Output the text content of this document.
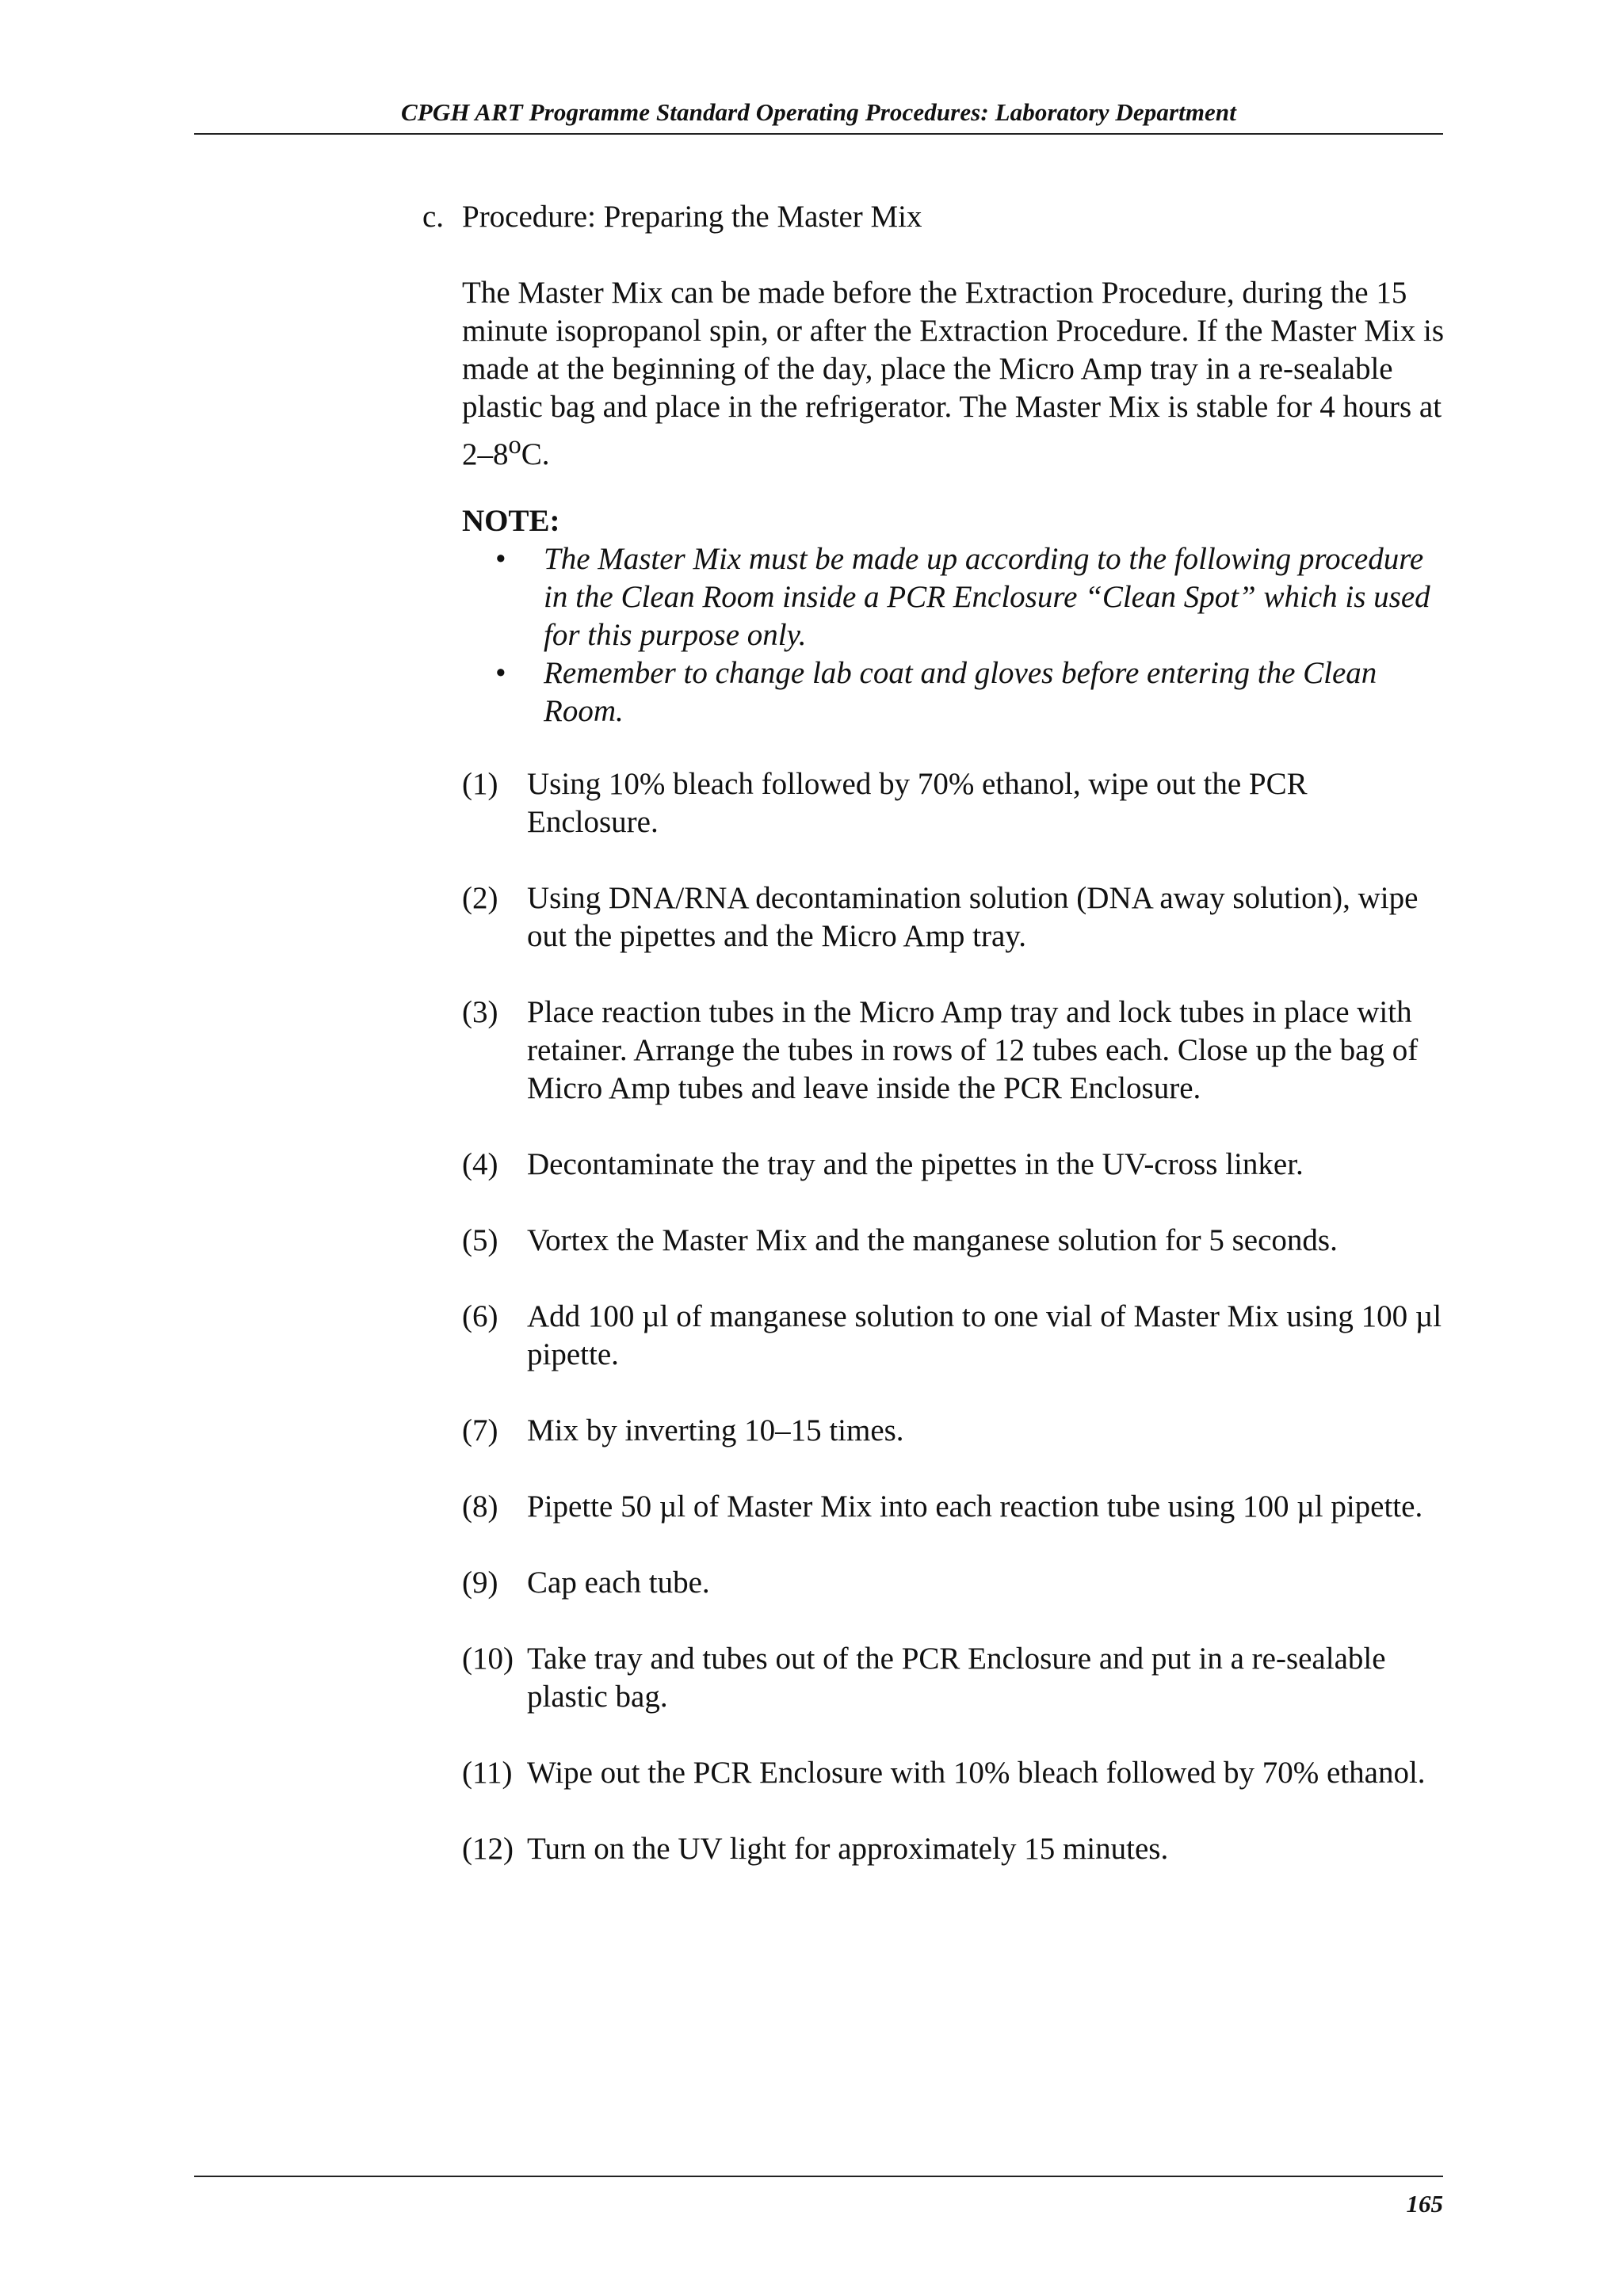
CPGH ART Programme Standard Operating Procedures: Laboratory Department
c. Procedure: Preparing the Master Mix

The Master Mix can be made before the Extraction Procedure, during the 15 minute isopropanol spin, or after the Extraction Procedure. If the Master Mix is made at the beginning of the day, place the Micro Amp tray in a re-sealable plastic bag and place in the refrigerator. The Master Mix is stable for 4 hours at 2–8$^o$C.

NOTE:

• The Master Mix must be made up according to the following procedure in the Clean Room inside a PCR Enclosure “Clean Spot” which is used for this purpose only.
• Remember to change lab coat and gloves before entering the Clean Room.
(1) Using 10% bleach followed by 70% ethanol, wipe out the PCR Enclosure.
(2) Using DNA/RNA decontamination solution (DNA away solution), wipe out the pipettes and the Micro Amp tray.
(3) Place reaction tubes in the Micro Amp tray and lock tubes in place with retainer. Arrange the tubes in rows of 12 tubes each. Close up the bag of Micro Amp tubes and leave inside the PCR Enclosure.
(4) Decontaminate the tray and the pipettes in the UV-cross linker.
(5) Vortex the Master Mix and the manganese solution for 5 seconds.
(6) Add 100 µl of manganese solution to one vial of Master Mix using 100 µl pipette.
(7) Mix by inverting 10–15 times.
(8) Pipette 50 µl of Master Mix into each reaction tube using 100 µl pipette.
(9) Cap each tube.
(10) Take tray and tubes out of the PCR Enclosure and put in a re-sealable plastic bag.
(11) Wipe out the PCR Enclosure with 10% bleach followed by 70% ethanol.
(12) Turn on the UV light for approximately 15 minutes.
165
